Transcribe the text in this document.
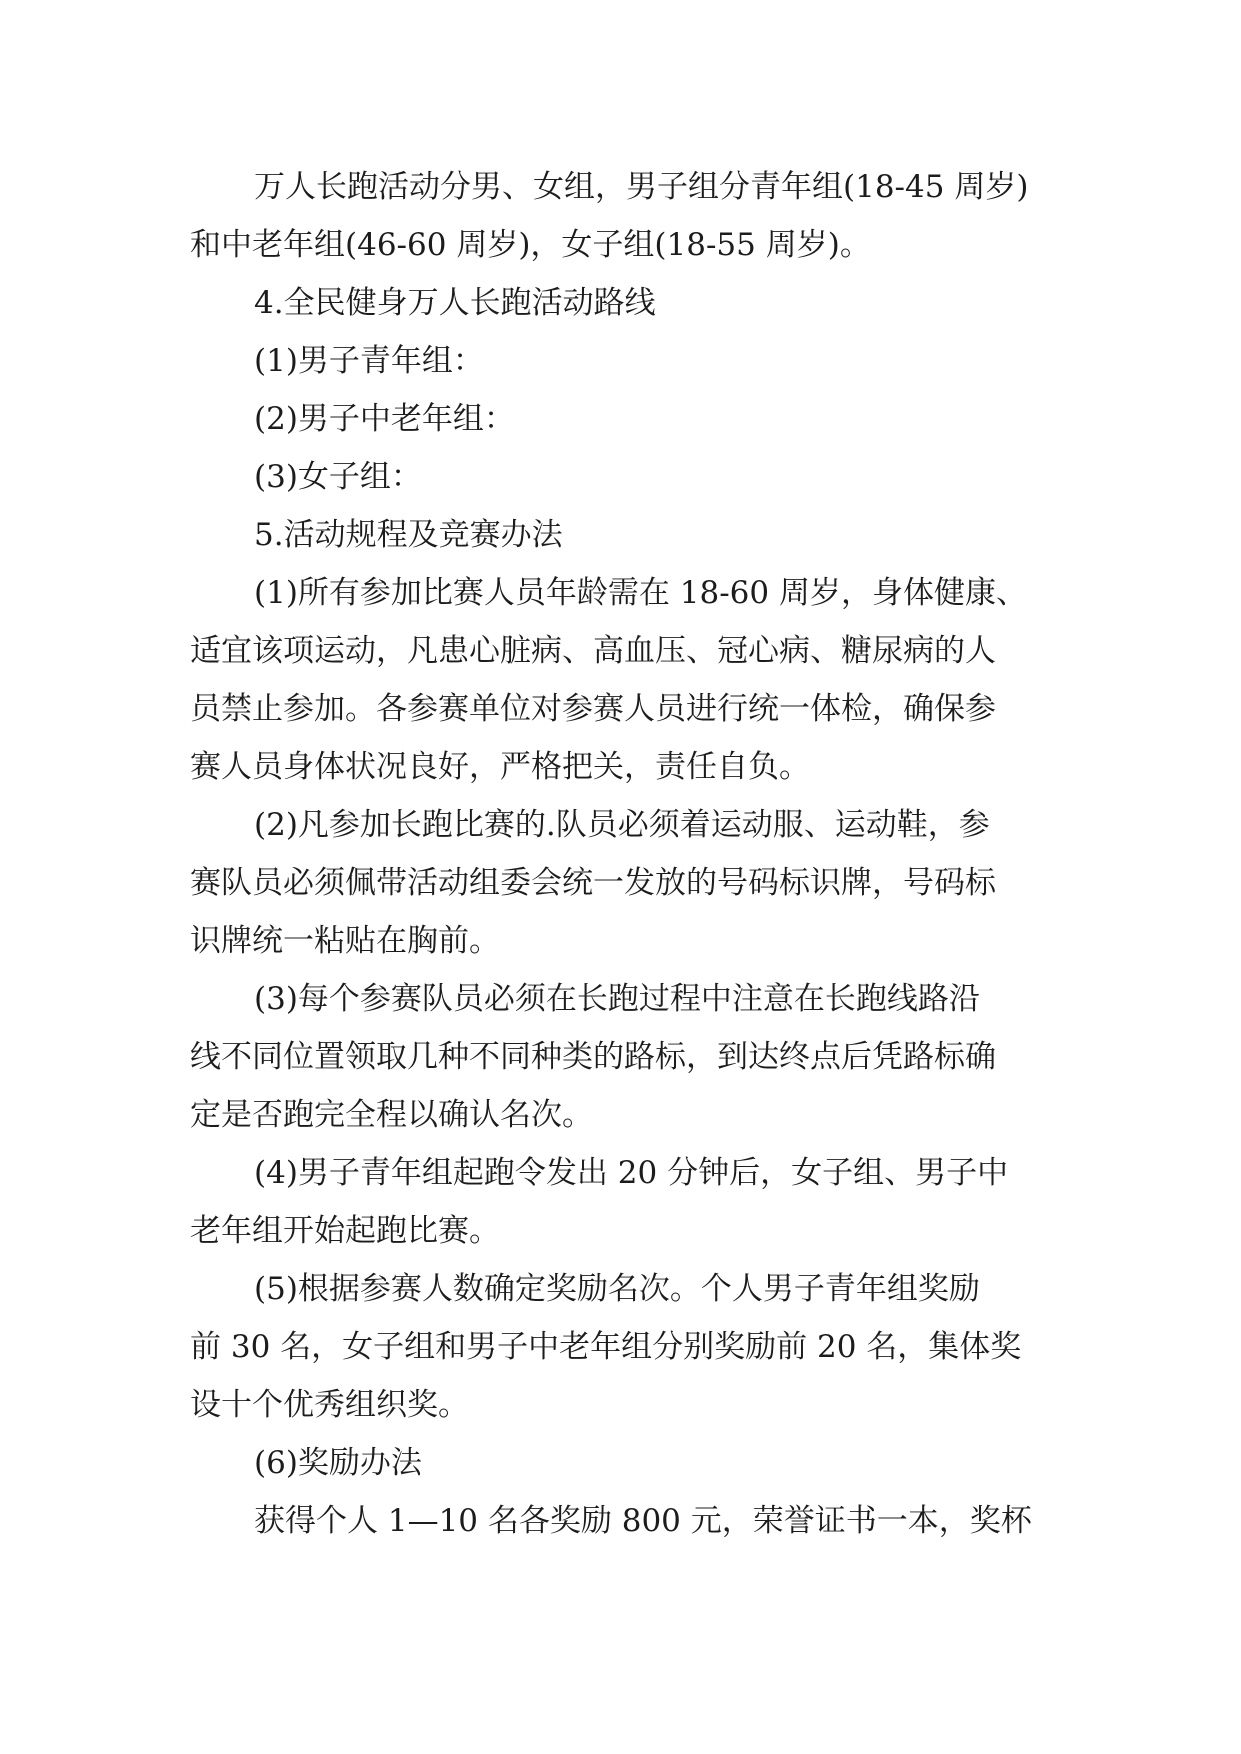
万人长跑活动分男、女组，男子组分青年组(18-45 周岁)

和中老年组(46-60 周岁)，女子组(18-55 周岁)。

4.全民健身万人长跑活动路线

(1)男子青年组：

(2)男子中老年组：

(3)女子组：

5.活动规程及竞赛办法

(1)所有参加比赛人员年龄需在 18-60 周岁，身体健康、

适宜该项运动，凡患心脏病、高血压、冠心病、糖尿病的人

员禁止参加。各参赛单位对参赛人员进行统一体检，确保参

赛人员身体状况良好，严格把关，责任自负。

(2)凡参加长跑比赛的.队员必须着运动服、运动鞋，参

赛队员必须佩带活动组委会统一发放的号码标识牌，号码标

识牌统一粘贴在胸前。

(3)每个参赛队员必须在长跑过程中注意在长跑线路沿

线不同位置领取几种不同种类的路标，到达终点后凭路标确

定是否跑完全程以确认名次。

(4)男子青年组起跑令发出 20 分钟后，女子组、男子中

老年组开始起跑比赛。

(5)根据参赛人数确定奖励名次。个人男子青年组奖励

前 30 名，女子组和男子中老年组分别奖励前 20 名，集体奖

设十个优秀组织奖。

(6)奖励办法

获得个人 1—10 名各奖励 800 元，荣誉证书一本，奖杯
